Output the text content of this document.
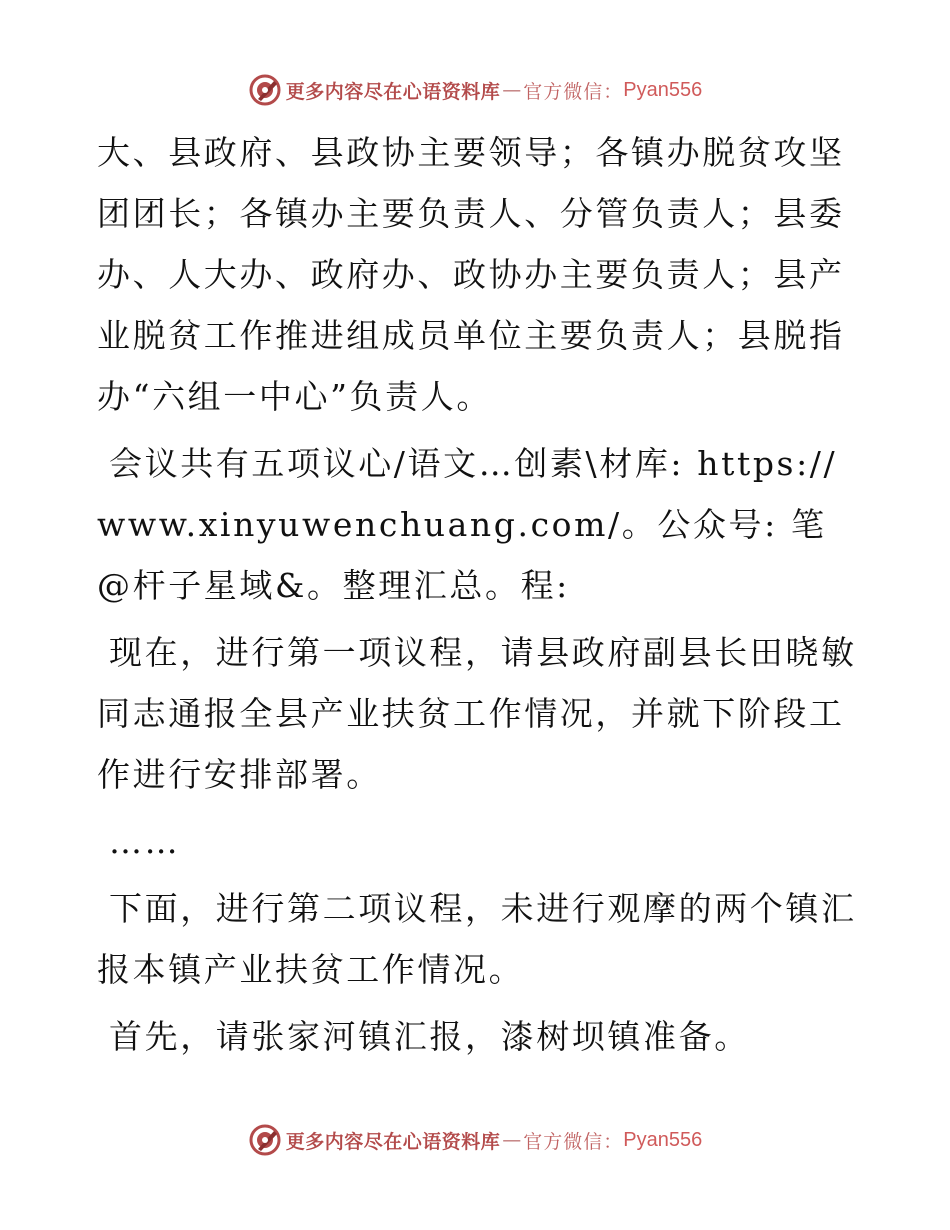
更多内容尽在心语资料库 — 官方微信： Pyan556

大、县政府、县政协主要领导；各镇办脱贫攻坚团团长；各镇办主要负责人、分管负责人；县委办、人大办、政府办、政协办主要负责人；县产业脱贫工作推进组成员单位主要负责人；县脱指办“六组一中心”负责人。

会议共有五项议心/语文…创素\材库: https://www.xinyuwenchuang.com/。公众号: 笔@杆子星域&。整理汇总。程:

现在，进行第一项议程，请县政府副县长田晓敏同志通报全县产业扶贫工作情况，并就下阶段工作进行安排部署。

……

下面，进行第二项议程，未进行观摩的两个镇汇报本镇产业扶贫工作情况。

首先，请张家河镇汇报，漆树坝镇准备。

更多内容尽在心语资料库 — 官方微信： Pyan556
